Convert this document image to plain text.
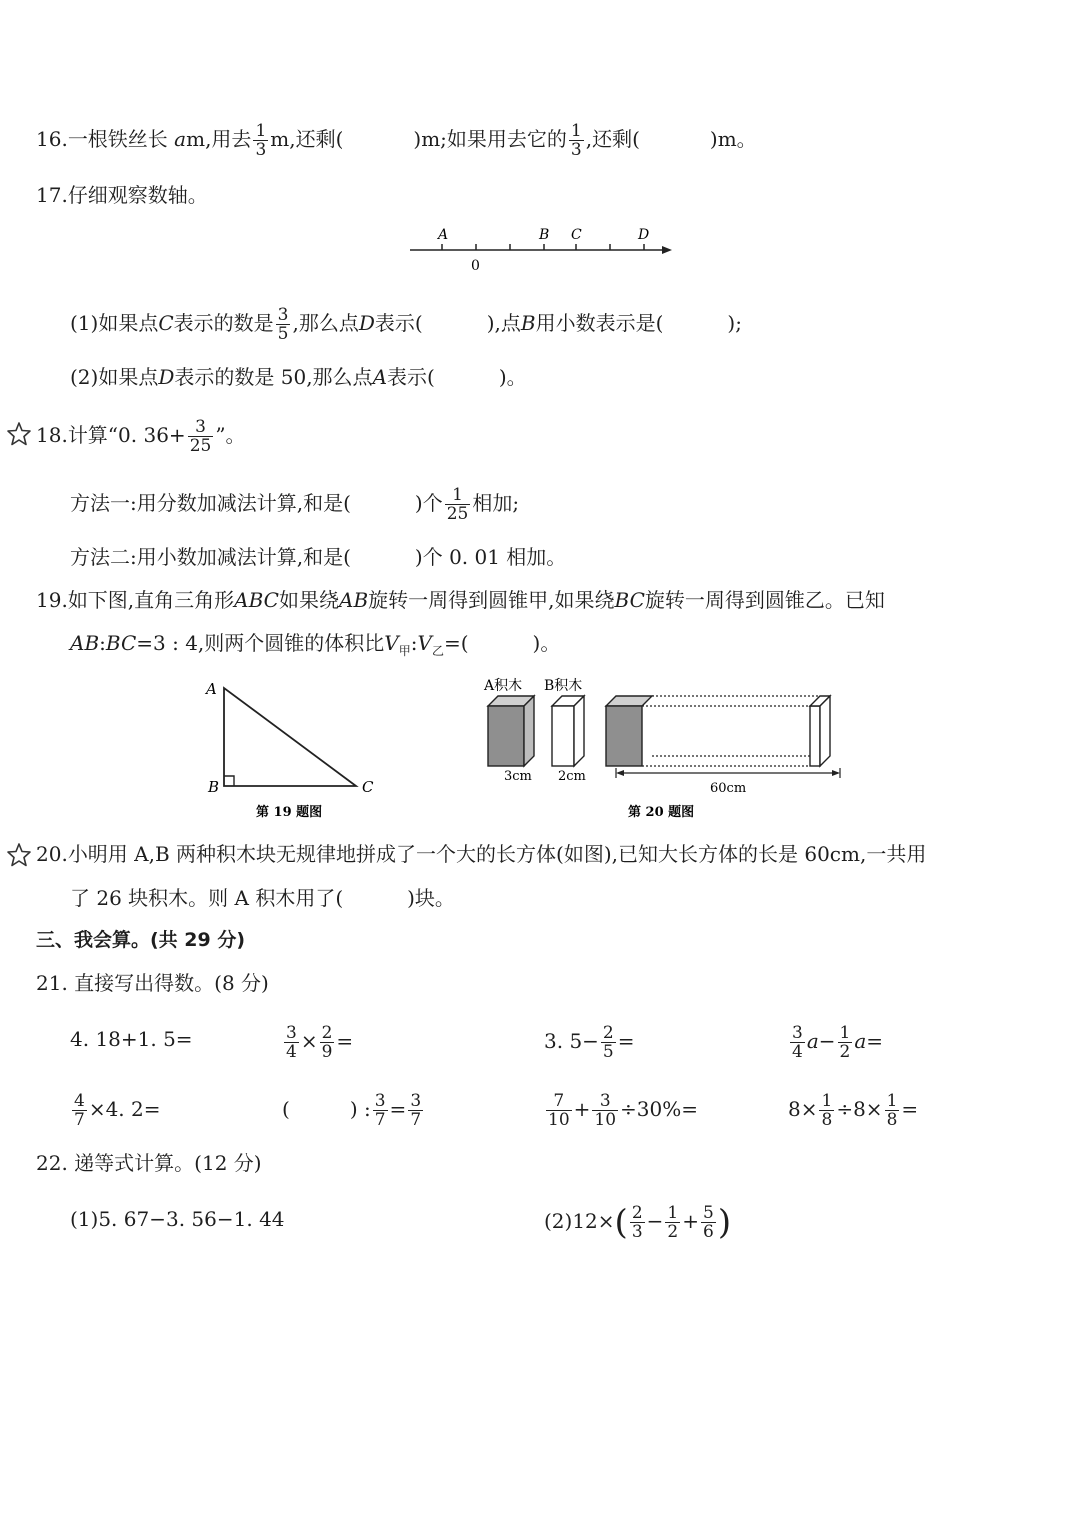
16.一根铁丝长 am,用去 $\frac{1}{3} m$,还剩(	)m;如果用去它的 $\frac{1}{3}$ ,还剩(	)m。
17.仔细观察数轴。
A	B C	D
0
(1)如果点C表示的数是 $\frac{3}{5}$ ,那么点D表示(	),点B用小数表示是(	);
(2)如果点D表示的数是 50,那么点A表示(	)。
18.计算“0. $36+ \frac{3}{25}$ ”。
方法一:用分数加减法计算,和是(	)个 $\frac{1}{25}$ 相加;
方法二:用小数加减法计算,和是(	)个 0. 01 相加。
19.如下图,直角三角形ABC如果绕AB旋转一周得到圆锥甲,如果绕BC旋转一周得到圆锥乙。已知
AB:BC=3 : 4,则两个圆锥的体积比$V_甲:V_乙=$(	)。
A
B	C
第 19 题图
A积木 B积木
3cm 2cm
60cm
第 20 题图
20.小明用 A,B 两种积木块无规律地拼成了一个大的长方体(如图),已知大长方体的长是 60cm,一共用
了 26 块积木。则 A 积木用了(	)块。
三、我会算。(共 29 分)
21. 直接写出得数。(8 分)
4. 18+1. 5=	$\frac{3}{4} \times \frac{2}{9}$ =	3. $5- \frac{2}{5}$ =	$\frac{3}{4} a- \frac{1}{2} a=$
$\frac{4}{7} \times 4$. 2=	(	) : $\frac{3}{7} = \frac{3}{7}$	$\frac{7}{10} + \frac{3}{10} \div 30\%=$	$8\times \frac{1}{8} \div 8\times \frac{1}{8}$ =
22. 递等式计算。(12 分)
(1)5. 67−3. 56−1. 44	$(2)12\times( \frac{2}{3} - \frac{1}{2} + \frac{5}{6}$ )
